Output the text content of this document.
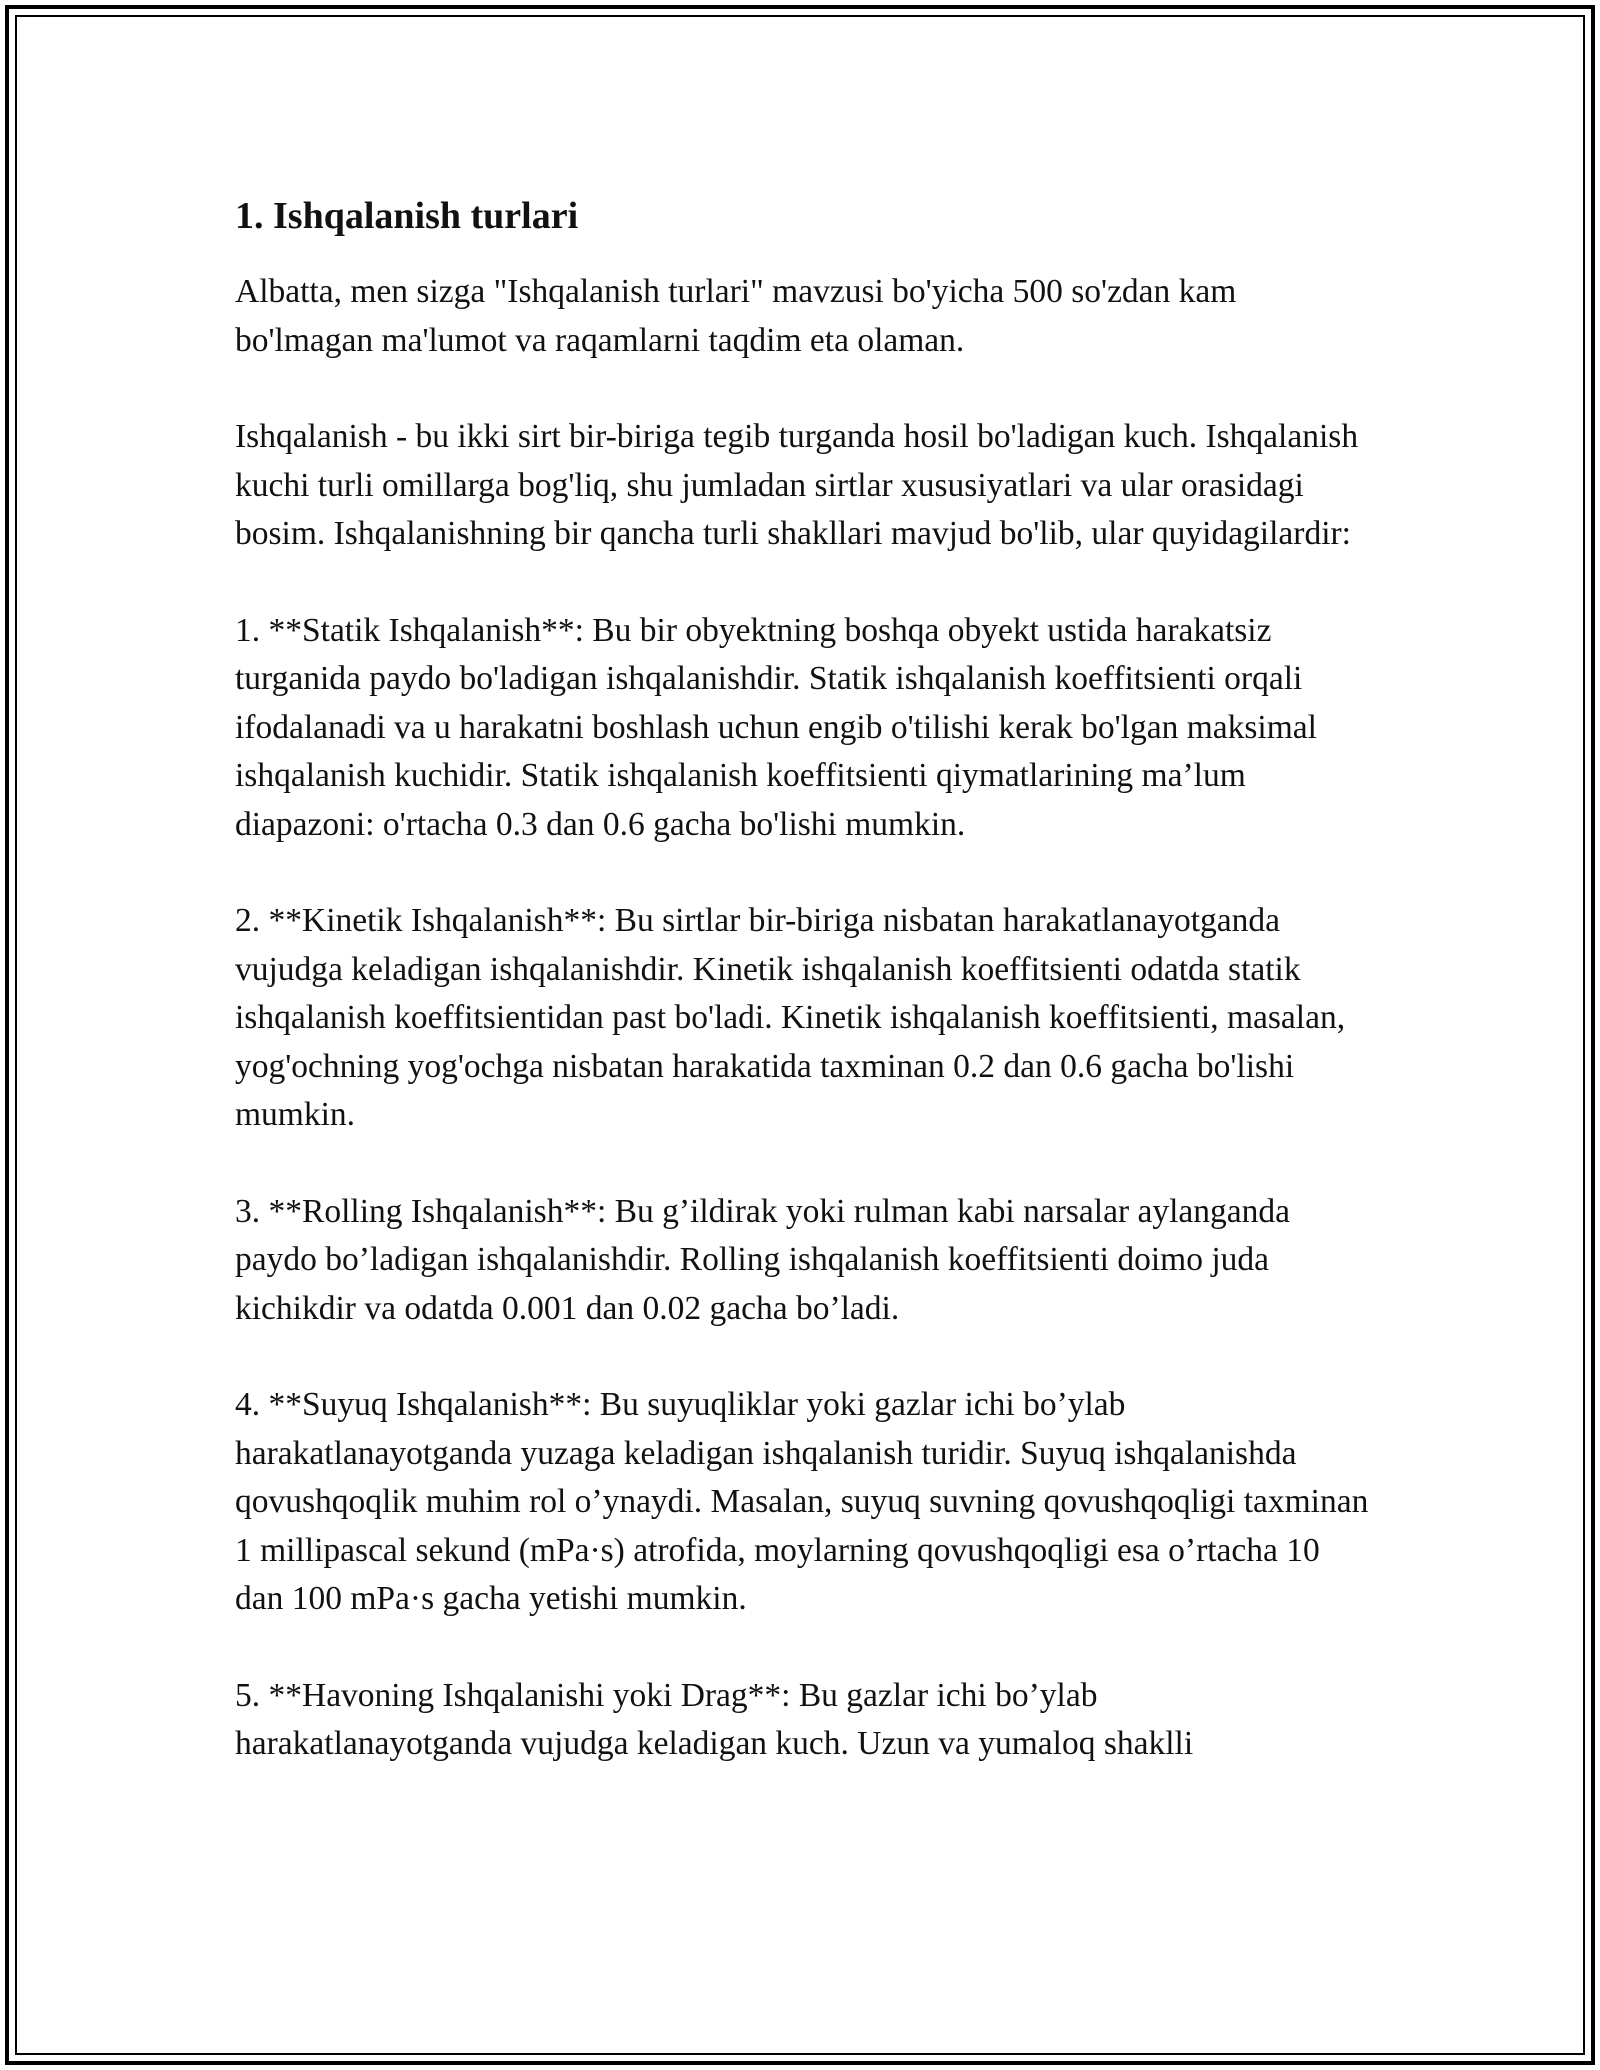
1. Ishqalanish turlari

Albatta, men sizga "Ishqalanish turlari" mavzusi bo'yicha 500 so'zdan kam bo'lmagan ma'lumot va raqamlarni taqdim eta olaman.

Ishqalanish - bu ikki sirt bir-biriga tegib turganda hosil bo'ladigan kuch. Ishqalanish kuchi turli omillarga bog'liq, shu jumladan sirtlar xususiyatlari va ular orasidagi bosim. Ishqalanishning bir qancha turli shakllari mavjud bo'lib, ular quyidagilardir:

1. **Statik Ishqalanish**: Bu bir obyektning boshqa obyekt ustida harakatsiz turganida paydo bo'ladigan ishqalanishdir. Statik ishqalanish koeffitsienti orqali ifodalanadi va u harakatni boshlash uchun engib o'tilishi kerak bo'lgan maksimal ishqalanish kuchidir. Statik ishqalanish koeffitsienti qiymatlarining ma’lum diapazoni: o'rtacha 0.3 dan 0.6 gacha bo'lishi mumkin.

2. **Kinetik Ishqalanish**: Bu sirtlar bir-biriga nisbatan harakatlanayotganda vujudga keladigan ishqalanishdir. Kinetik ishqalanish koeffitsienti odatda statik ishqalanish koeffitsientidan past bo'ladi. Kinetik ishqalanish koeffitsienti, masalan, yog'ochning yog'ochga nisbatan harakatida taxminan 0.2 dan 0.6 gacha bo'lishi mumkin.

3. **Rolling Ishqalanish**: Bu g’ildirak yoki rulman kabi narsalar aylanganda paydo bo’ladigan ishqalanishdir. Rolling ishqalanish koeffitsienti doimo juda kichikdir va odatda 0.001 dan 0.02 gacha bo’ladi.

4. **Suyuq Ishqalanish**: Bu suyuqliklar yoki gazlar ichi bo’ylab harakatlanayotganda yuzaga keladigan ishqalanish turidir. Suyuq ishqalanishda qovushqoqlik muhim rol o’ynaydi. Masalan, suyuq suvning qovushqoqligi taxminan 1 millipascal sekund (mPa·s) atrofida, moylarning qovushqoqligi esa o’rtacha 10 dan 100 mPa·s gacha yetishi mumkin.

5. **Havoning Ishqalanishi yoki Drag**: Bu gazlar ichi bo’ylab harakatlanayotganda vujudga keladigan kuch. Uzun va yumaloq shaklli
